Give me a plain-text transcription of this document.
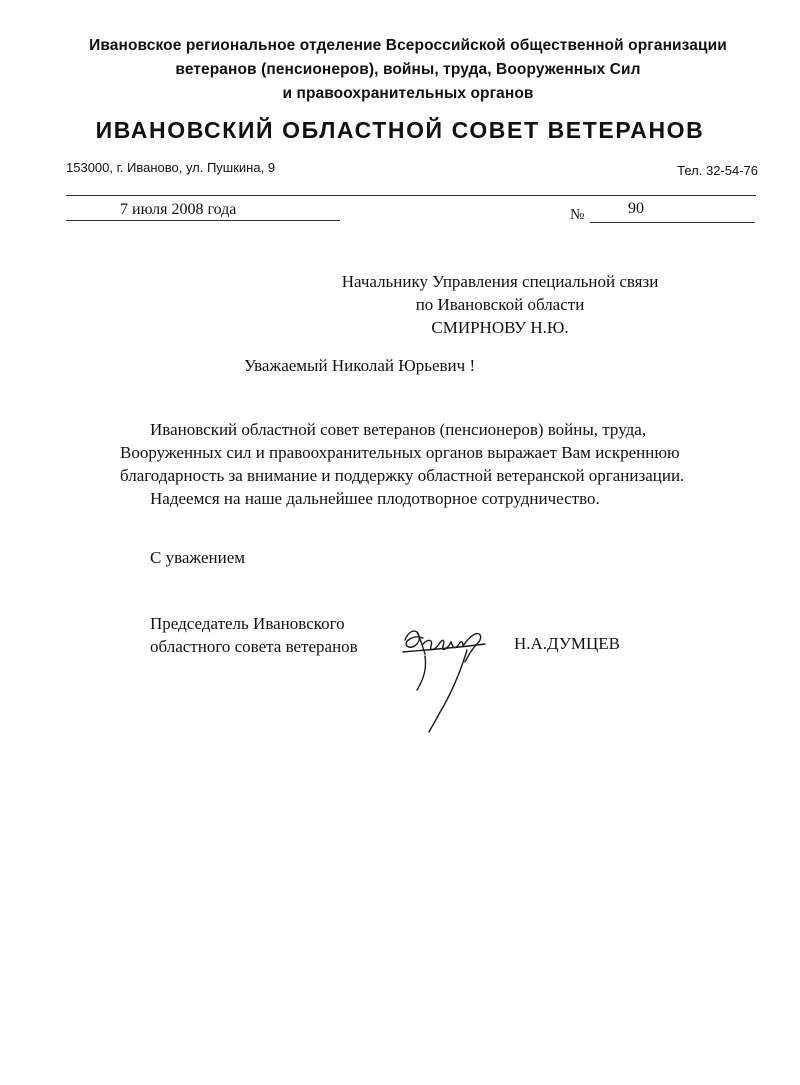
Ивановское региональное отделение Всероссийской общественной организации
ветеранов (пенсионеров), войны, труда, Вооруженных Сил
и правоохранительных органов
ИВАНОВСКИЙ ОБЛАСТНОЙ СОВЕТ ВЕТЕРАНОВ
153000, г. Иваново, ул. Пушкина, 9	Тел. 32-54-76
7 июля 2008 года	№	90
Начальнику Управления специальной связи
по Ивановской области
СМИРНОВУ Н.Ю.
Уважаемый Николай Юрьевич !

Ивановский областной совет ветеранов (пенсионеров) войны, труда,

Вооруженных сил и правоохранительных органов выражает Вам искреннюю

благодарность за внимание и поддержку областной ветеранской организации.

Надеемся на наше дальнейшее плодотворное сотрудничество.

С уважением
Председатель Ивановского
областного совета ветеранов	Н.А.ДУМЦЕВ
